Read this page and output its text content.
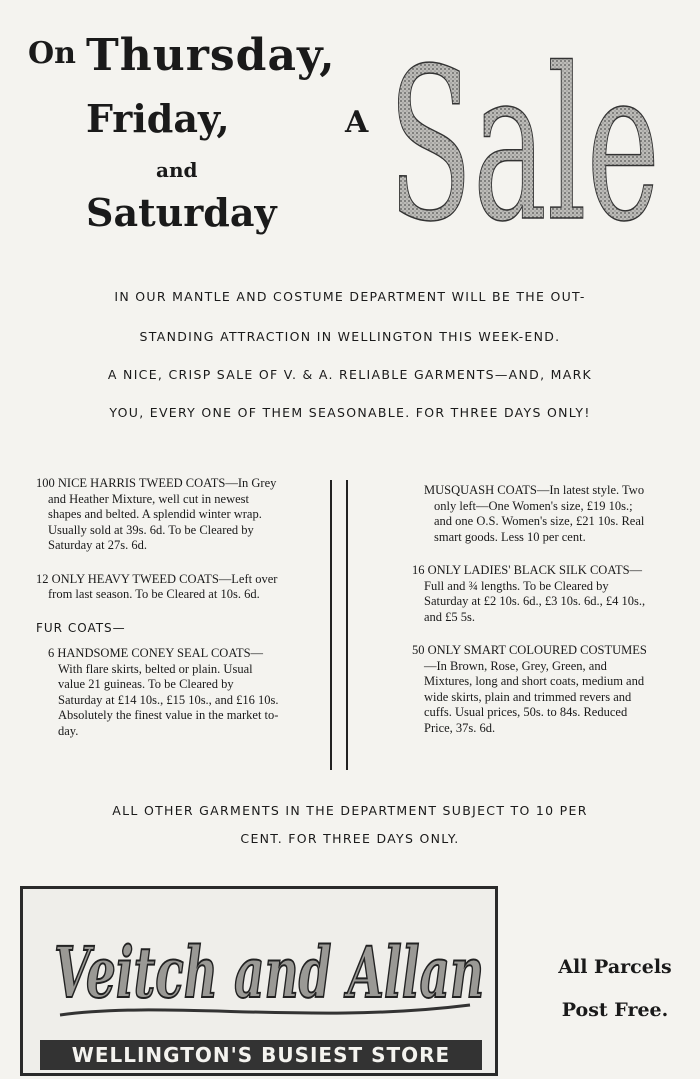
On Thursday,
Friday,
and
Saturday
A Sale
IN OUR MANTLE AND COSTUME DEPARTMENT WILL BE THE OUT-
STANDING ATTRACTION IN WELLINGTON THIS WEEK-END.
A NICE, CRISP SALE OF V. & A. RELIABLE GARMENTS—AND, MARK
YOU, EVERY ONE OF THEM SEASONABLE. FOR THREE DAYS ONLY!

100 NICE HARRIS TWEED COATS—In Grey and Heather Mixture, well cut in newest shapes and belted. A splendid winter wrap. Usually sold at 39s. 6d. To be Cleared by Saturday at 27s. 6d.

12 ONLY HEAVY TWEED COATS—Left over from last season. To be Cleared at 10s. 6d.

FUR COATS—

6 HANDSOME CONEY SEAL COATS—With flare skirts, belted or plain. Usual value 21 guineas. To be Cleared by Saturday at £14 10s., £15 10s., and £16 10s. Absolutely the finest value in the market to-day.

MUSQUASH COATS—In latest style. Two only left—One Women's size, £19 10s.; and one O.S. Women's size, £21 10s. Real smart goods. Less 10 per cent.

16 ONLY LADIES' BLACK SILK COATS—Full and ¾ lengths. To be Cleared by Saturday at £2 10s. 6d., £3 10s. 6d., £4 10s., and £5 5s.

50 ONLY SMART COLOURED COSTUMES—In Brown, Rose, Grey, Green, and Mixtures, long and short coats, medium and wide skirts, plain and trimmed revers and cuffs. Usual prices, 50s. to 84s. Reduced Price, 37s. 6d.

ALL OTHER GARMENTS IN THE DEPARTMENT SUBJECT TO 10 PER
CENT. FOR THREE DAYS ONLY.
Veitch and Allan
WELLINGTON'S BUSIEST STORE
All Parcels
Post Free.
